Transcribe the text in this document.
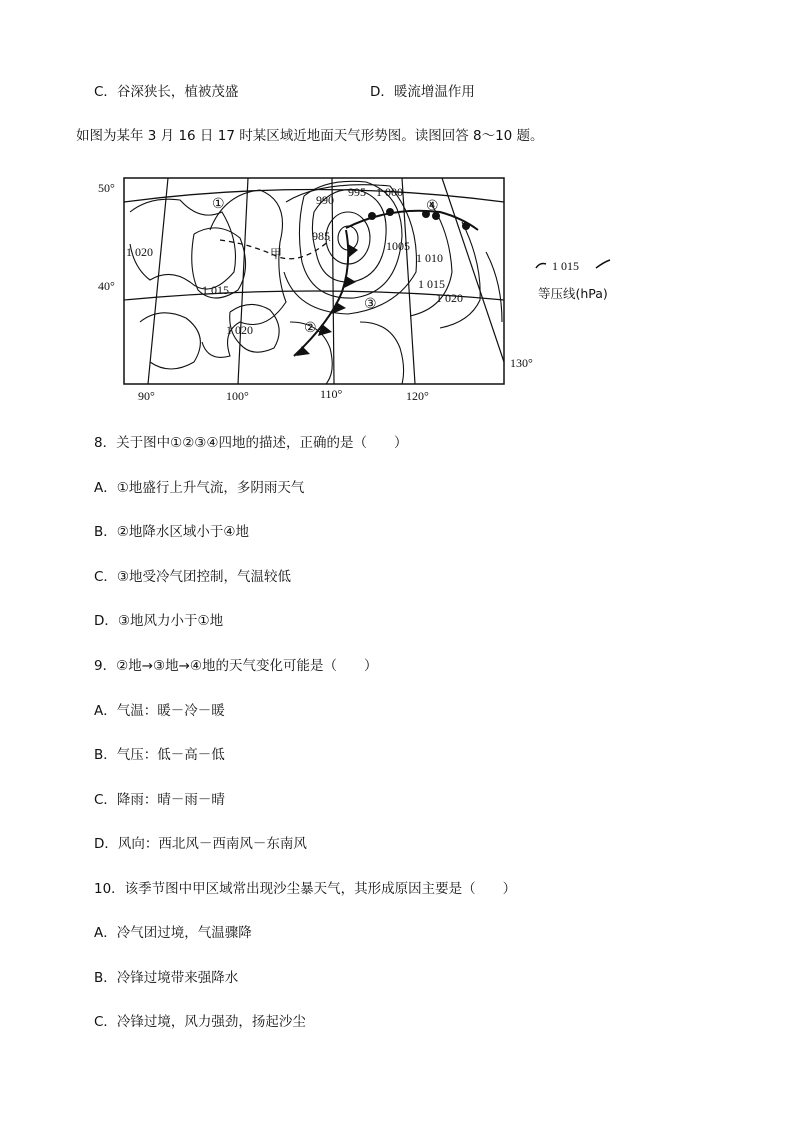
C．谷深狭长，植被茂盛	D．暖流增温作用
如图为某年 3 月 16 日 17 时某区域近地面天气形势图。读图回答 8～10 题。
50°
40°
90°	100°	110°	120°
130°
995 1 000
990
985
1 020	1005
1 010
1 015	1 015
1 020
1 020
①
②
③
④
甲
1 015
等压线(hPa)
8．关于图中①②③④四地的描述，正确的是（　　）
A．①地盛行上升气流，多阴雨天气
B．②地降水区域小于④地
C．③地受冷气团控制，气温较低
D．③地风力小于①地
9．②地→③地→④地的天气变化可能是（　　）
A．气温：暖－冷－暖
B．气压：低－高－低
C．降雨：晴－雨－晴
D．风向：西北风－西南风－东南风
10．该季节图中甲区域常出现沙尘暴天气，其形成原因主要是（　　）
A．冷气团过境，气温骤降
B．冷锋过境带来强降水
C．冷锋过境，风力强劲，扬起沙尘
